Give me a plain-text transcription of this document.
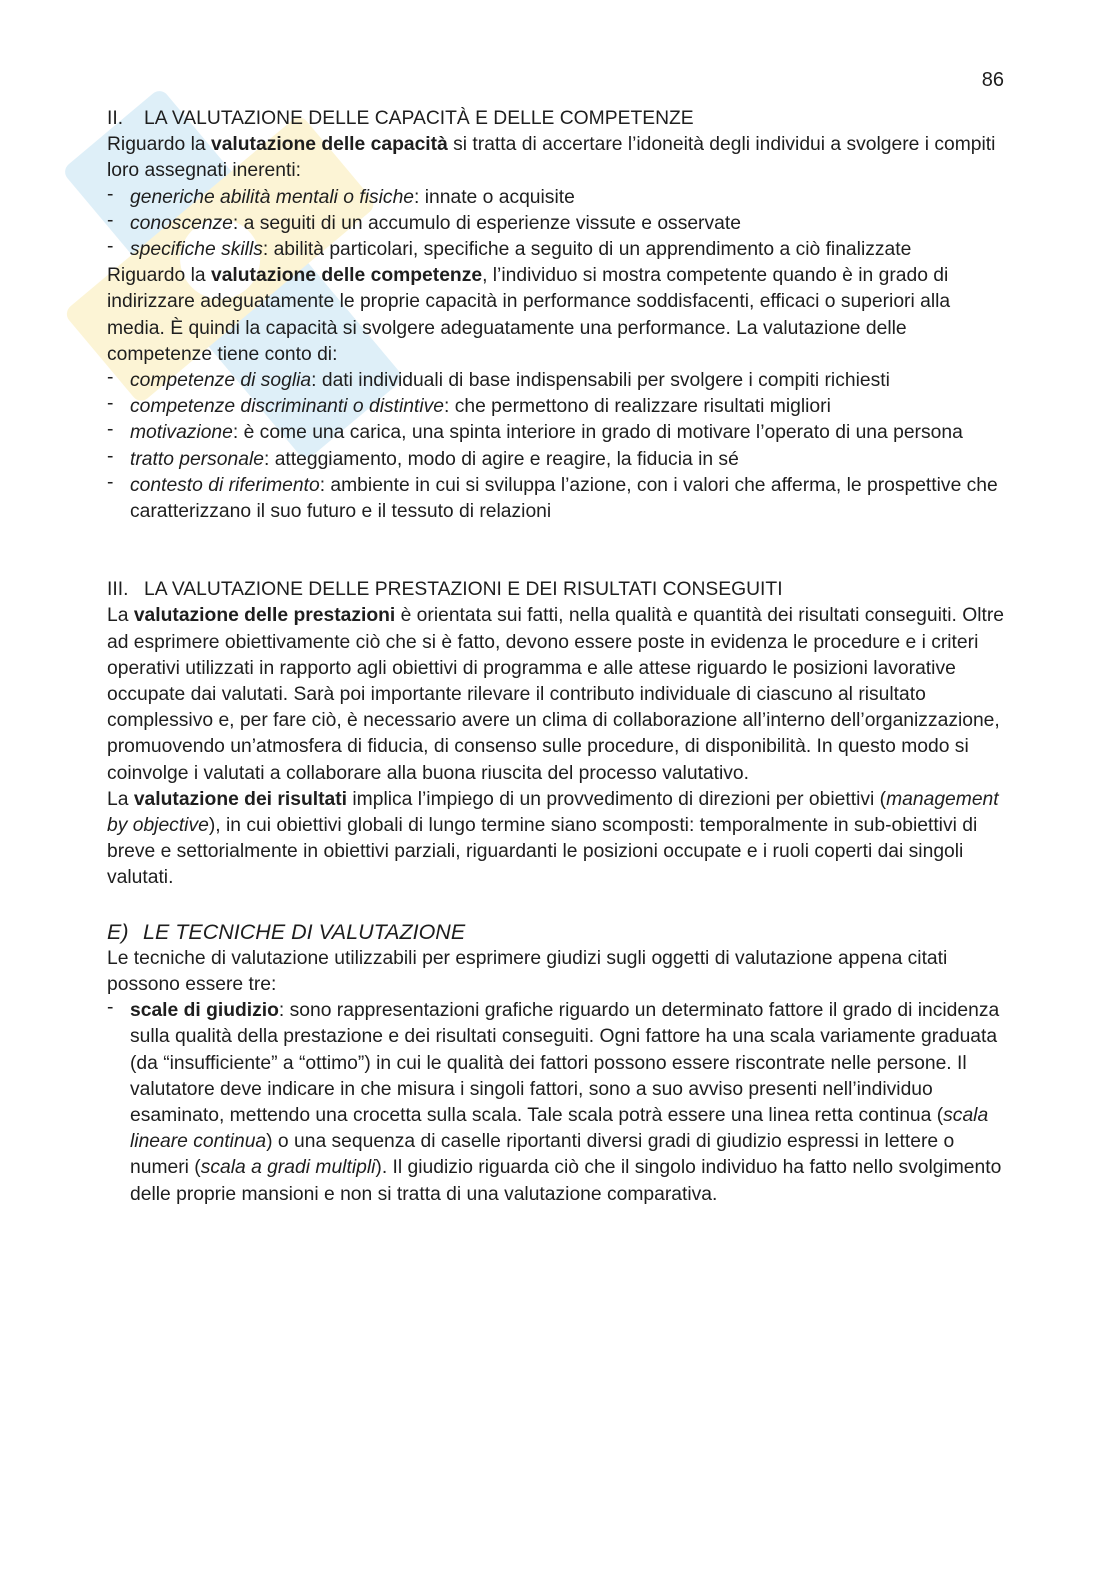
86
II. LA VALUTAZIONE DELLE CAPACITÀ E DELLE COMPETENZE

Riguardo la valutazione delle capacità si tratta di accertare l’idoneità degli individui a svolgere i compiti loro assegnati inerenti:

- generiche abilità mentali o fisiche: innate o acquisite
- conoscenze: a seguiti di un accumulo di esperienze vissute e osservate
- specifiche skills: abilità particolari, specifiche a seguito di un apprendimento a ciò finalizzate

Riguardo la valutazione delle competenze, l’individuo si mostra competente quando è in grado di indirizzare adeguatamente le proprie capacità in performance soddisfacenti, efficaci o superiori alla media. È quindi la capacità si svolgere adeguatamente una performance. La valutazione delle competenze tiene conto di:

- competenze di soglia: dati individuali di base indispensabili per svolgere i compiti richiesti
- competenze discriminanti o distintive: che permettono di realizzare risultati migliori
- motivazione: è come una carica, una spinta interiore in grado di motivare l’operato di una persona
- tratto personale: atteggiamento, modo di agire e reagire, la fiducia in sé
- contesto di riferimento: ambiente in cui si sviluppa l’azione, con i valori che afferma, le prospettive che caratterizzano il suo futuro e il tessuto di relazioni
III. LA VALUTAZIONE DELLE PRESTAZIONI E DEI RISULTATI CONSEGUITI

La valutazione delle prestazioni è orientata sui fatti, nella qualità e quantità dei risultati conseguiti. Oltre ad esprimere obiettivamente ciò che si è fatto, devono essere poste in evidenza le procedure e i criteri operativi utilizzati in rapporto agli obiettivi di programma e alle attese riguardo le posizioni lavorative occupate dai valutati. Sarà poi importante rilevare il contributo individuale di ciascuno al risultato complessivo e, per fare ciò, è necessario avere un clima di collaborazione all’interno dell’organizzazione, promuovendo un’atmosfera di fiducia, di consenso sulle procedure, di disponibilità. In questo modo si coinvolge i valutati a collaborare alla buona riuscita del processo valutativo.

La valutazione dei risultati implica l’impiego di un provvedimento di direzioni per obiettivi (management by objective), in cui obiettivi globali di lungo termine siano scomposti: temporalmente in sub-obiettivi di breve e settorialmente in obiettivi parziali, riguardanti le posizioni occupate e i ruoli coperti dai singoli valutati.

E) LE TECNICHE DI VALUTAZIONE

Le tecniche di valutazione utilizzabili per esprimere giudizi sugli oggetti di valutazione appena citati possono essere tre:

- scale di giudizio: sono rappresentazioni grafiche riguardo un determinato fattore il grado di incidenza sulla qualità della prestazione e dei risultati conseguiti. Ogni fattore ha una scala variamente graduata (da “insufficiente” a “ottimo”) in cui le qualità dei fattori possono essere riscontrate nelle persone. Il valutatore deve indicare in che misura i singoli fattori, sono a suo avviso presenti nell’individuo esaminato, mettendo una crocetta sulla scala. Tale scala potrà essere una linea retta continua (scala lineare continua) o una sequenza di caselle riportanti diversi gradi di giudizio espressi in lettere o numeri (scala a gradi multipli). Il giudizio riguarda ciò che il singolo individuo ha fatto nello svolgimento delle proprie mansioni e non si tratta di una valutazione comparativa.
